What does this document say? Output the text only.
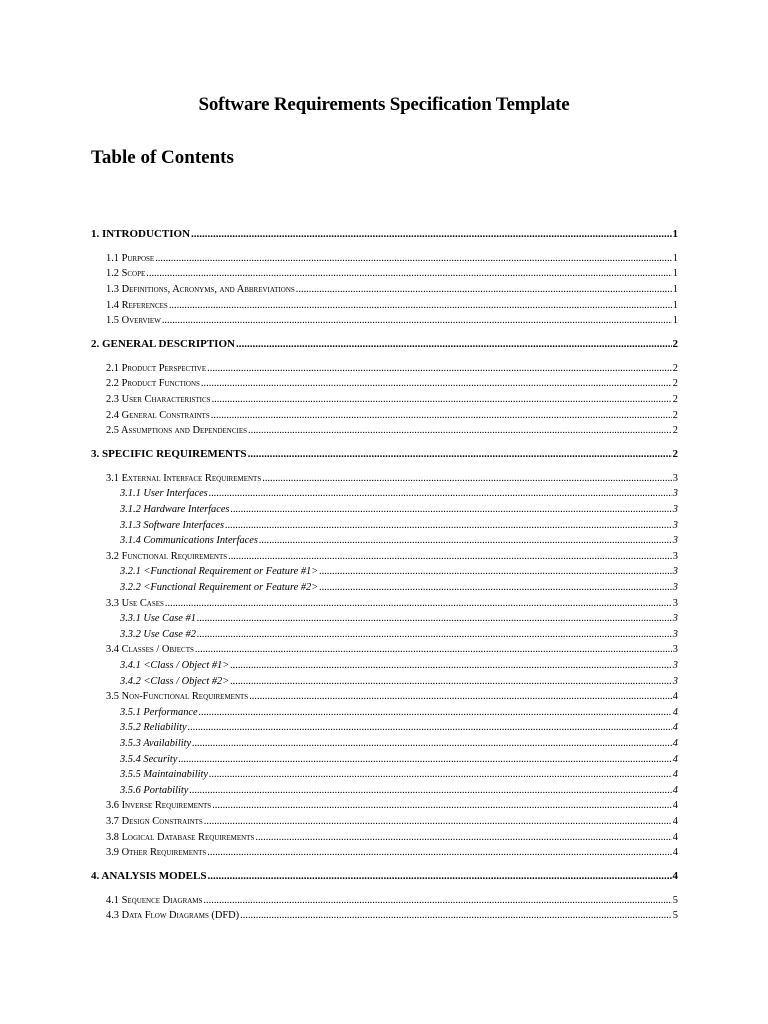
Software Requirements Specification Template
Table of Contents
1. INTRODUCTION .....	1
1.1 Purpose .....	1
1.2 Scope .....	1
1.3 Definitions, Acronyms, and Abbreviations .....	1
1.4 References .....	1
1.5 Overview .....	1
2. GENERAL DESCRIPTION .....	2
2.1 Product Perspective .....	2
2.2 Product Functions .....	2
2.3 User Characteristics .....	2
2.4 General Constraints .....	2
2.5 Assumptions and Dependencies .....	2
3. SPECIFIC REQUIREMENTS .....	2
3.1 External Interface Requirements .....	3
3.1.1 User Interfaces .....	3
3.1.2 Hardware Interfaces .....	3
3.1.3 Software Interfaces .....	3
3.1.4 Communications Interfaces .....	3
3.2 Functional Requirements .....	3
3.2.1 <Functional Requirement or Feature #1> .....	3
3.2.2 <Functional Requirement or Feature #2> .....	3
3.3 Use Cases .....	3
3.3.1 Use Case #1 .....	3
3.3.2 Use Case #2 .....	3
3.4 Classes / Objects .....	3
3.4.1 <Class / Object #1> .....	3
3.4.2 <Class / Object #2> .....	3
3.5 Non-Functional Requirements .....	4
3.5.1 Performance .....	4
3.5.2 Reliability .....	4
3.5.3 Availability .....	4
3.5.4 Security .....	4
3.5.5 Maintainability .....	4
3.5.6 Portability .....	4
3.6 Inverse Requirements .....	4
3.7 Design Constraints .....	4
3.8 Logical Database Requirements .....	4
3.9 Other Requirements .....	4
4. ANALYSIS MODELS .....	4
4.1 Sequence Diagrams .....	5
4.3 Data Flow Diagrams (DFD) .....	5
